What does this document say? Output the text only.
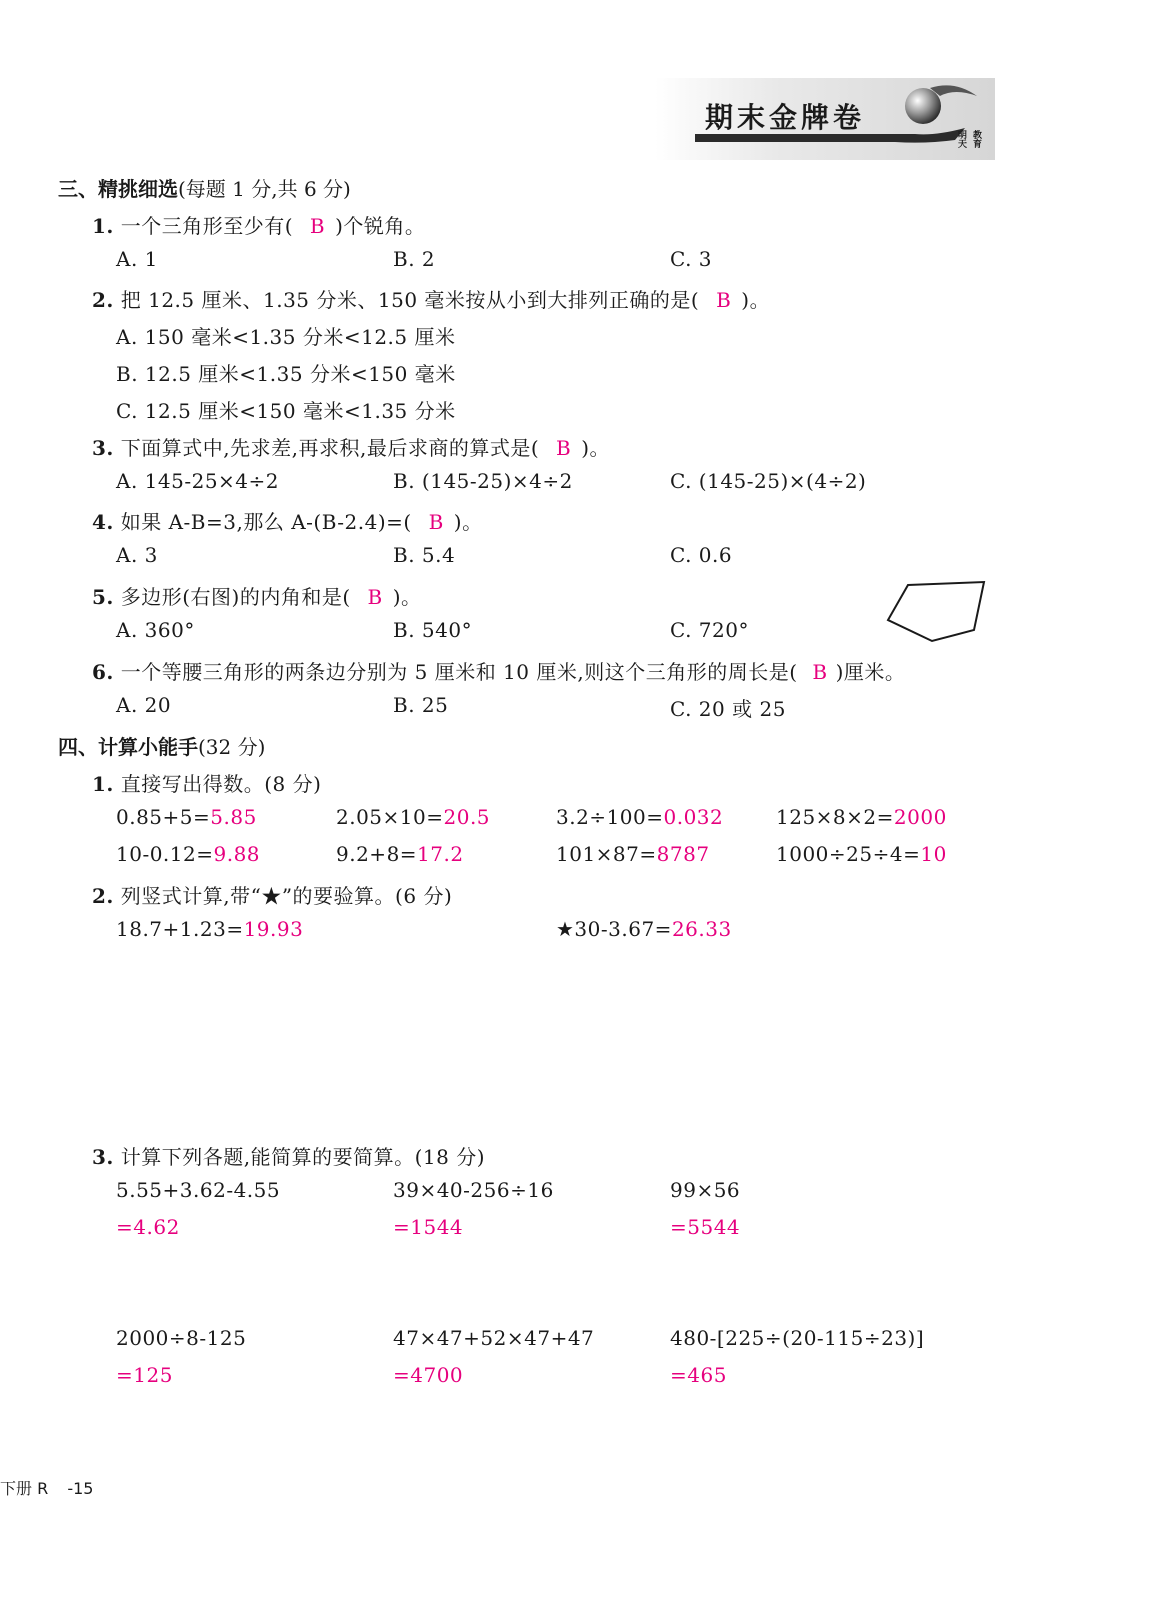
期末金牌卷
明天 教育
三、精挑细选(每题 1 分,共 6 分)
1. 一个三角形至少有( B )个锐角。
A. 1	B. 2	C. 3
2. 把 12.5 厘米、1.35 分米、150 毫米按从小到大排列正确的是( B )。
A. 150 毫米<1.35 分米<12.5 厘米
B. 12.5 厘米<1.35 分米<150 毫米
C. 12.5 厘米<150 毫米<1.35 分米
3. 下面算式中,先求差,再求积,最后求商的算式是( B )。
A. 145-25×4÷2	B. (145-25)×4÷2	C. (145-25)×(4÷2)
4. 如果 A-B=3,那么 A-(B-2.4)=( B )。
A. 3	B. 5.4	C. 0.6
5. 多边形(右图)的内角和是( B )。
A. 360°	B. 540°	C. 720°
6. 一个等腰三角形的两条边分别为 5 厘米和 10 厘米,则这个三角形的周长是( B )厘米。
A. 20	B. 25	C. 20 或 25
四、计算小能手(32 分)
1. 直接写出得数。(8 分)
0.85+5=5.85	2.05×10=20.5	3.2÷100=0.032	125×8×2=2000
10-0.12=9.88	9.2+8=17.2	101×87=8787	1000÷25÷4=10
2. 列竖式计算,带“★”的要验算。(6 分)
18.7+1.23=19.93	★30-3.67=26.33
3. 计算下列各题,能简算的要简算。(18 分)
5.55+3.62-4.55
=4.62
39×40-256÷16
=1544
99×56
=5544
2000÷8-125
=125
47×47+52×47+47
=4700
480-[225÷(20-115÷23)]
=465
下册 R -15
